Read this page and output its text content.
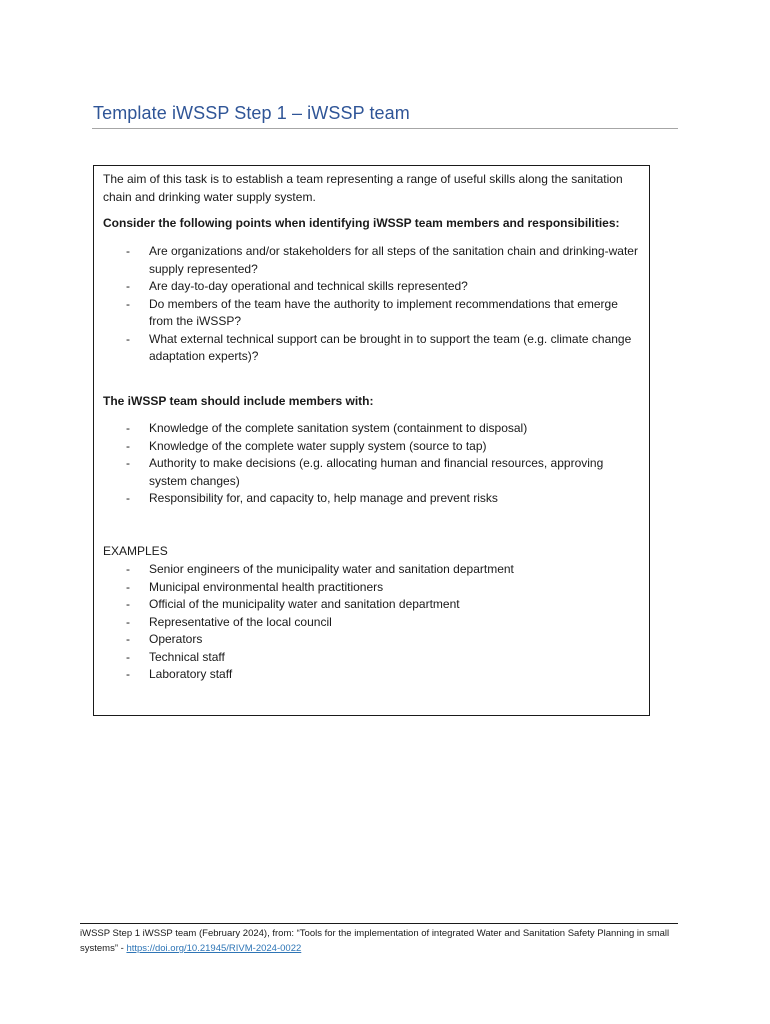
Template iWSSP Step 1 – iWSSP team
The aim of this task is to establish a team representing a range of useful skills along the sanitation chain and drinking water supply system.
Consider the following points when identifying iWSSP team members and responsibilities:
- Are organizations and/or stakeholders for all steps of the sanitation chain and drinking-water supply represented?
- Are day-to-day operational and technical skills represented?
- Do members of the team have the authority to implement recommendations that emerge from the iWSSP?
- What external technical support can be brought in to support the team (e.g. climate change adaptation experts)?
The iWSSP team should include members with:
- Knowledge of the complete sanitation system (containment to disposal)
- Knowledge of the complete water supply system (source to tap)
- Authority to make decisions (e.g. allocating human and financial resources, approving system changes)
- Responsibility for, and capacity to, help manage and prevent risks
EXAMPLES
- Senior engineers of the municipality water and sanitation department
- Municipal environmental health practitioners
- Official of the municipality water and sanitation department
- Representative of the local council
- Operators
- Technical staff
- Laboratory staff
iWSSP Step 1 iWSSP team (February 2024), from: “Tools for the implementation of integrated Water and Sanitation Safety Planning in small systems” - https://doi.org/10.21945/RIVM-2024-0022
